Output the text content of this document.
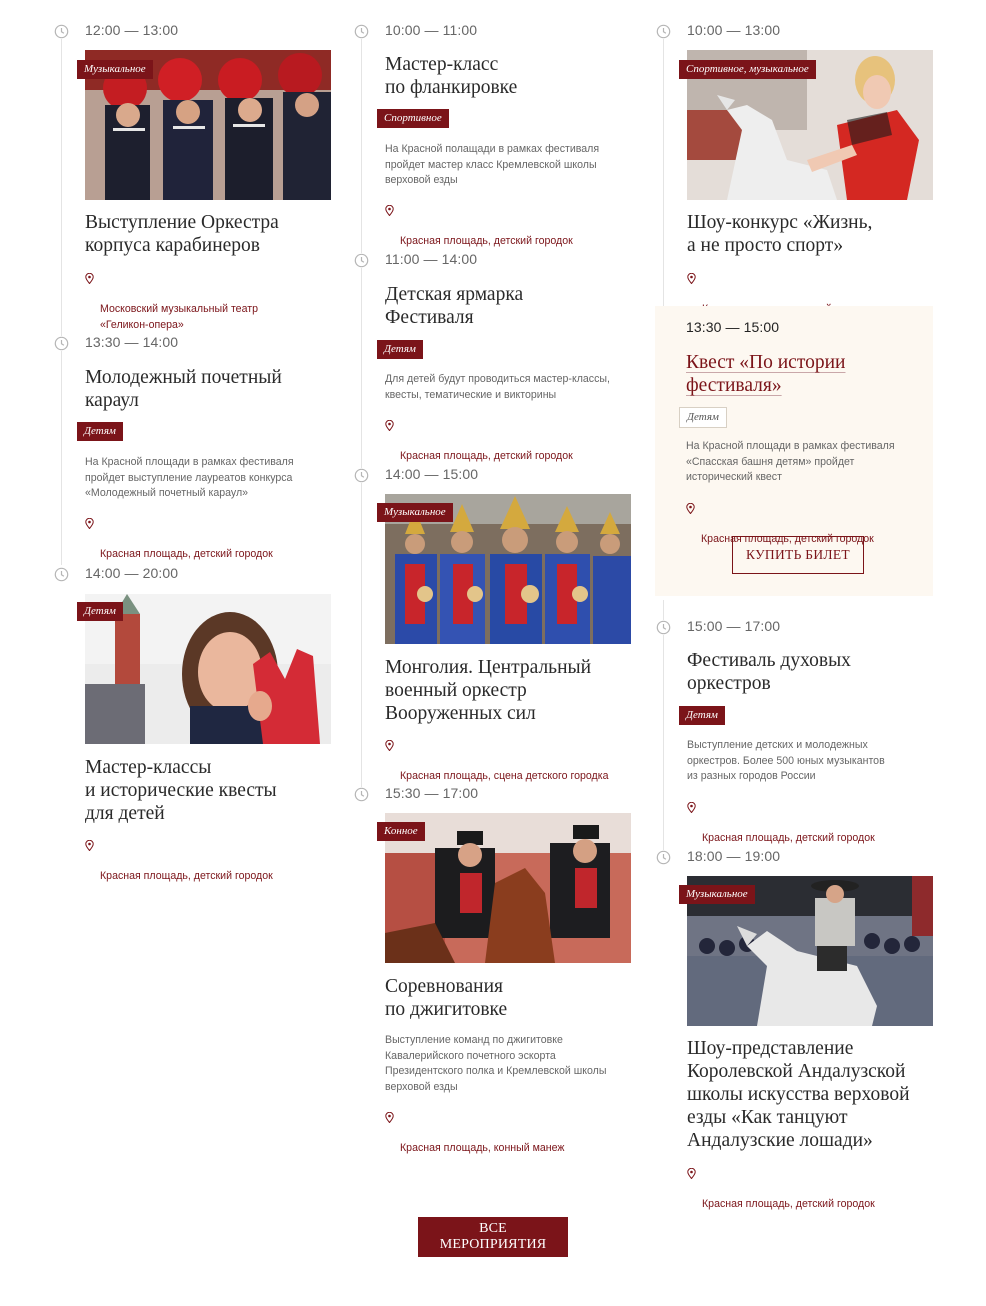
12:00 — 13:00
Музыкальное
Выступление Оркестра
корпуса карабинеров

Московский музыкальный театр
«Геликон-опера»

13:30 — 14:00
Молодежный почетный
караул
Детям
На Красной площади в рамках фестиваля
пройдет выступление лауреатов конкурса
«Молодежный почетный караул»

Красная площадь, детский городок

14:00 — 20:00
Детям
Мастер-классы
и исторические квесты
для детей

Красная площадь, детский городок

10:00 — 11:00
Мастер-класс
по фланкировке
Спортивное
На Красной полащади в рамках фестиваля
пройдет мастер класс Кремлевской школы
верховой езды

Красная площадь, детский городок

11:00 — 14:00
Детская ярмарка
Фестиваля
Детям
Для детей будут проводиться мастер-классы,
квесты, тематические и викторины

Красная площадь, детский городок

14:00 — 15:00
Музыкальное
Монголия. Центральный
военный оркестр
Вооруженных сил

Красная площадь, сцена детского городка

15:30 — 17:00
Конное
Соревнования
по джигитовке
Выступление команд по джигитовке
Кавалерийского почетного эскорта
Президентского полка и Кремлевской школы
верховой езды

Красная площадь, конный манеж

10:00 — 13:00
Спортивное, музыкальное
Шоу-конкурс «Жизнь,
а не просто спорт»

13:30 — 15:00
Квест «По истории
фестиваля»
Детям
На Красной площади в рамках фестиваля
«Спасская башня детям» пройдет
исторический квест

Красная площадь, детский городок

КУПИТЬ БИЛЕТ
15:00 — 17:00
Фестиваль духовых
оркестров
Детям
Выступление детских и молодежных
оркестров. Более 500 юных музыкантов
из разных городов России

Красная площадь, детский городок

18:00 — 19:00
Музыкальное
Шоу-представление
Королевской Андалузской
школы искусства верховой
езды «Как танцуют
Андалузские лошади»

Красная площадь, детский городок

ВСЕ МЕРОПРИЯТИЯ
